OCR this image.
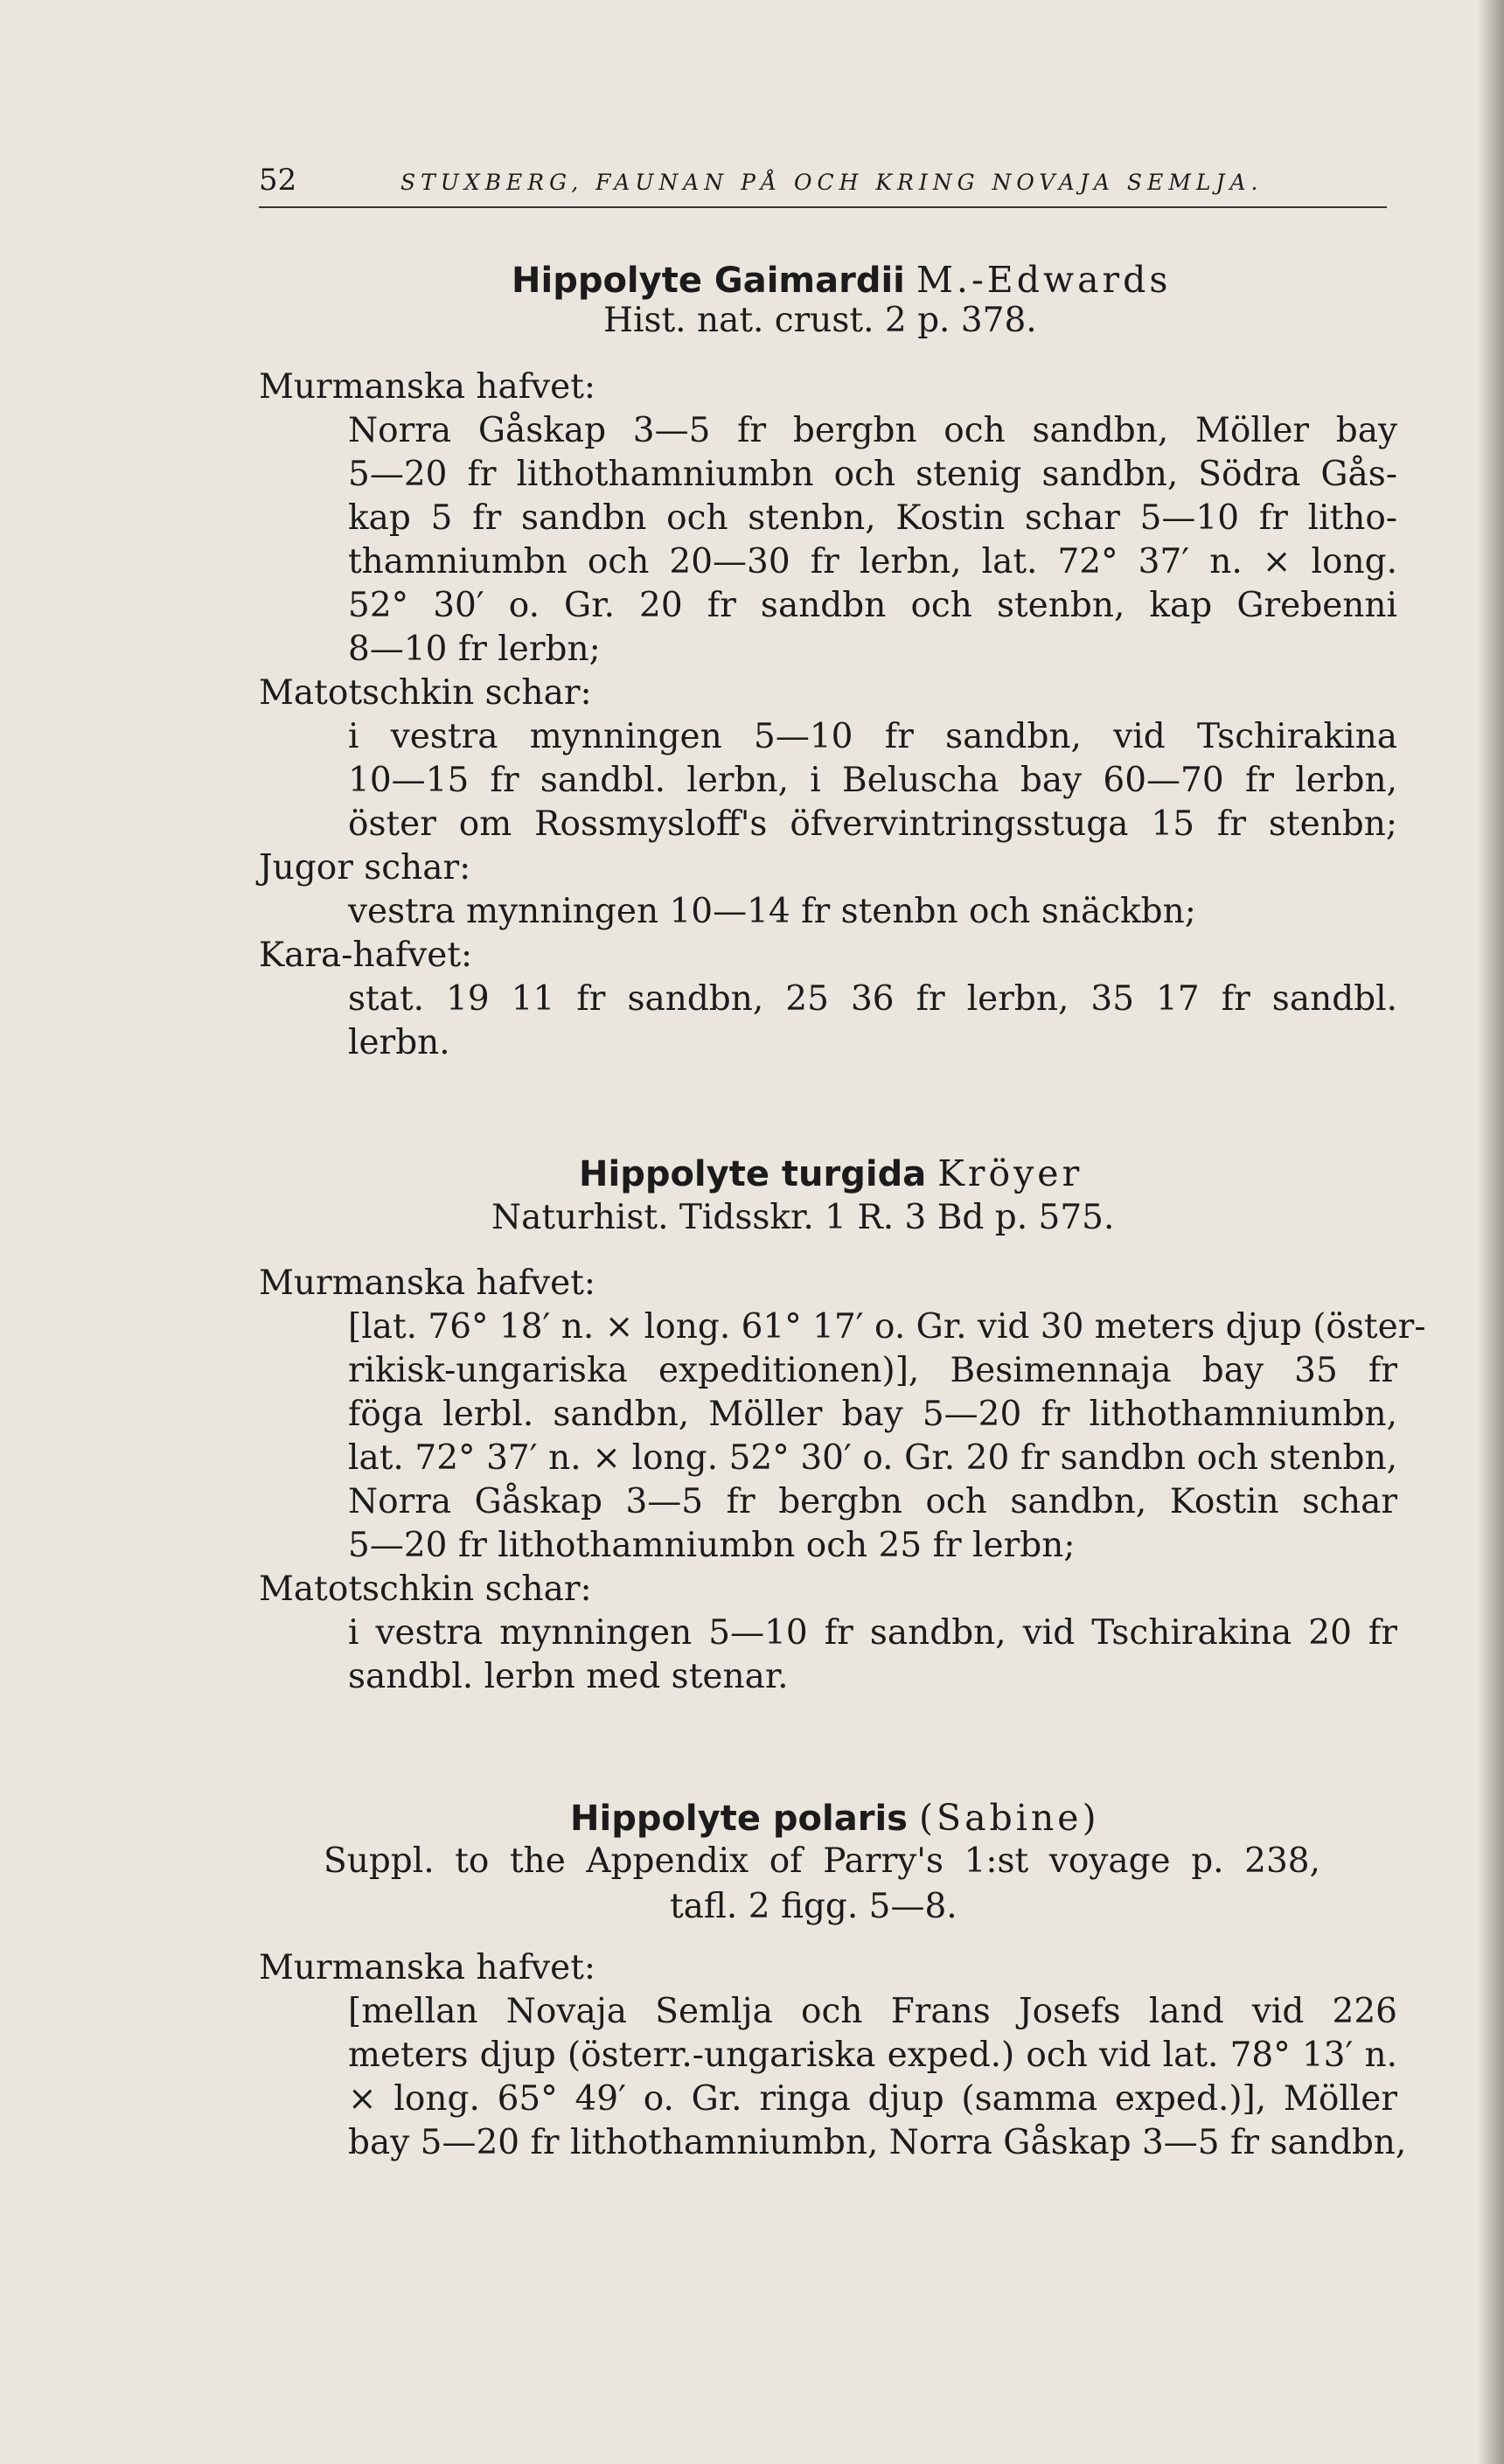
52	STUXBERG, FAUNAN PÅ OCH KRING NOVAJA SEMLJA.
Hippolyte Gaimardii M.-Edwards
Hist. nat. crust. 2 p. 378.
Murmanska hafvet:
Norra Gåskap 3—5 fr bergbn och sandbn, Möller bay
5—20 fr lithothamniumbn och stenig sandbn, Södra Gås-
kap 5 fr sandbn och stenbn, Kostin schar 5—10 fr litho-
thamniumbn och 20—30 fr lerbn, lat. 72° 37′ n. × long.
52° 30′ o. Gr. 20 fr sandbn och stenbn, kap Grebenni
8—10 fr lerbn;
Matotschkin schar:
i vestra mynningen 5—10 fr sandbn, vid Tschirakina
10—15 fr sandbl. lerbn, i Beluscha bay 60—70 fr lerbn,
öster om Rossmysloff's öfvervintringsstuga 15 fr stenbn;
Jugor schar:
vestra mynningen 10—14 fr stenbn och snäckbn;
Kara-hafvet:
stat. 19 11 fr sandbn, 25 36 fr lerbn, 35 17 fr sandbl.
lerbn.
Hippolyte turgida Kröyer
Naturhist. Tidsskr. 1 R. 3 Bd p. 575.
Murmanska hafvet:
[lat. 76° 18′ n. × long. 61° 17′ o. Gr. vid 30 meters djup (öster-
rikisk-ungariska expeditionen)], Besimennaja bay 35 fr
föga lerbl. sandbn, Möller bay 5—20 fr lithothamniumbn,
lat. 72° 37′ n. × long. 52° 30′ o. Gr. 20 fr sandbn och stenbn,
Norra Gåskap 3—5 fr bergbn och sandbn, Kostin schar
5—20 fr lithothamniumbn och 25 fr lerbn;
Matotschkin schar:
i vestra mynningen 5—10 fr sandbn, vid Tschirakina 20 fr
sandbl. lerbn med stenar.
Hippolyte polaris (Sabine)
Suppl. to the Appendix of Parry's 1:st voyage p. 238,
tafl. 2 figg. 5—8.
Murmanska hafvet:
[mellan Novaja Semlja och Frans Josefs land vid 226
meters djup (österr.-ungariska exped.) och vid lat. 78° 13′ n.
× long. 65° 49′ o. Gr. ringa djup (samma exped.)], Möller
bay 5—20 fr lithothamniumbn, Norra Gåskap 3—5 fr sandbn,
